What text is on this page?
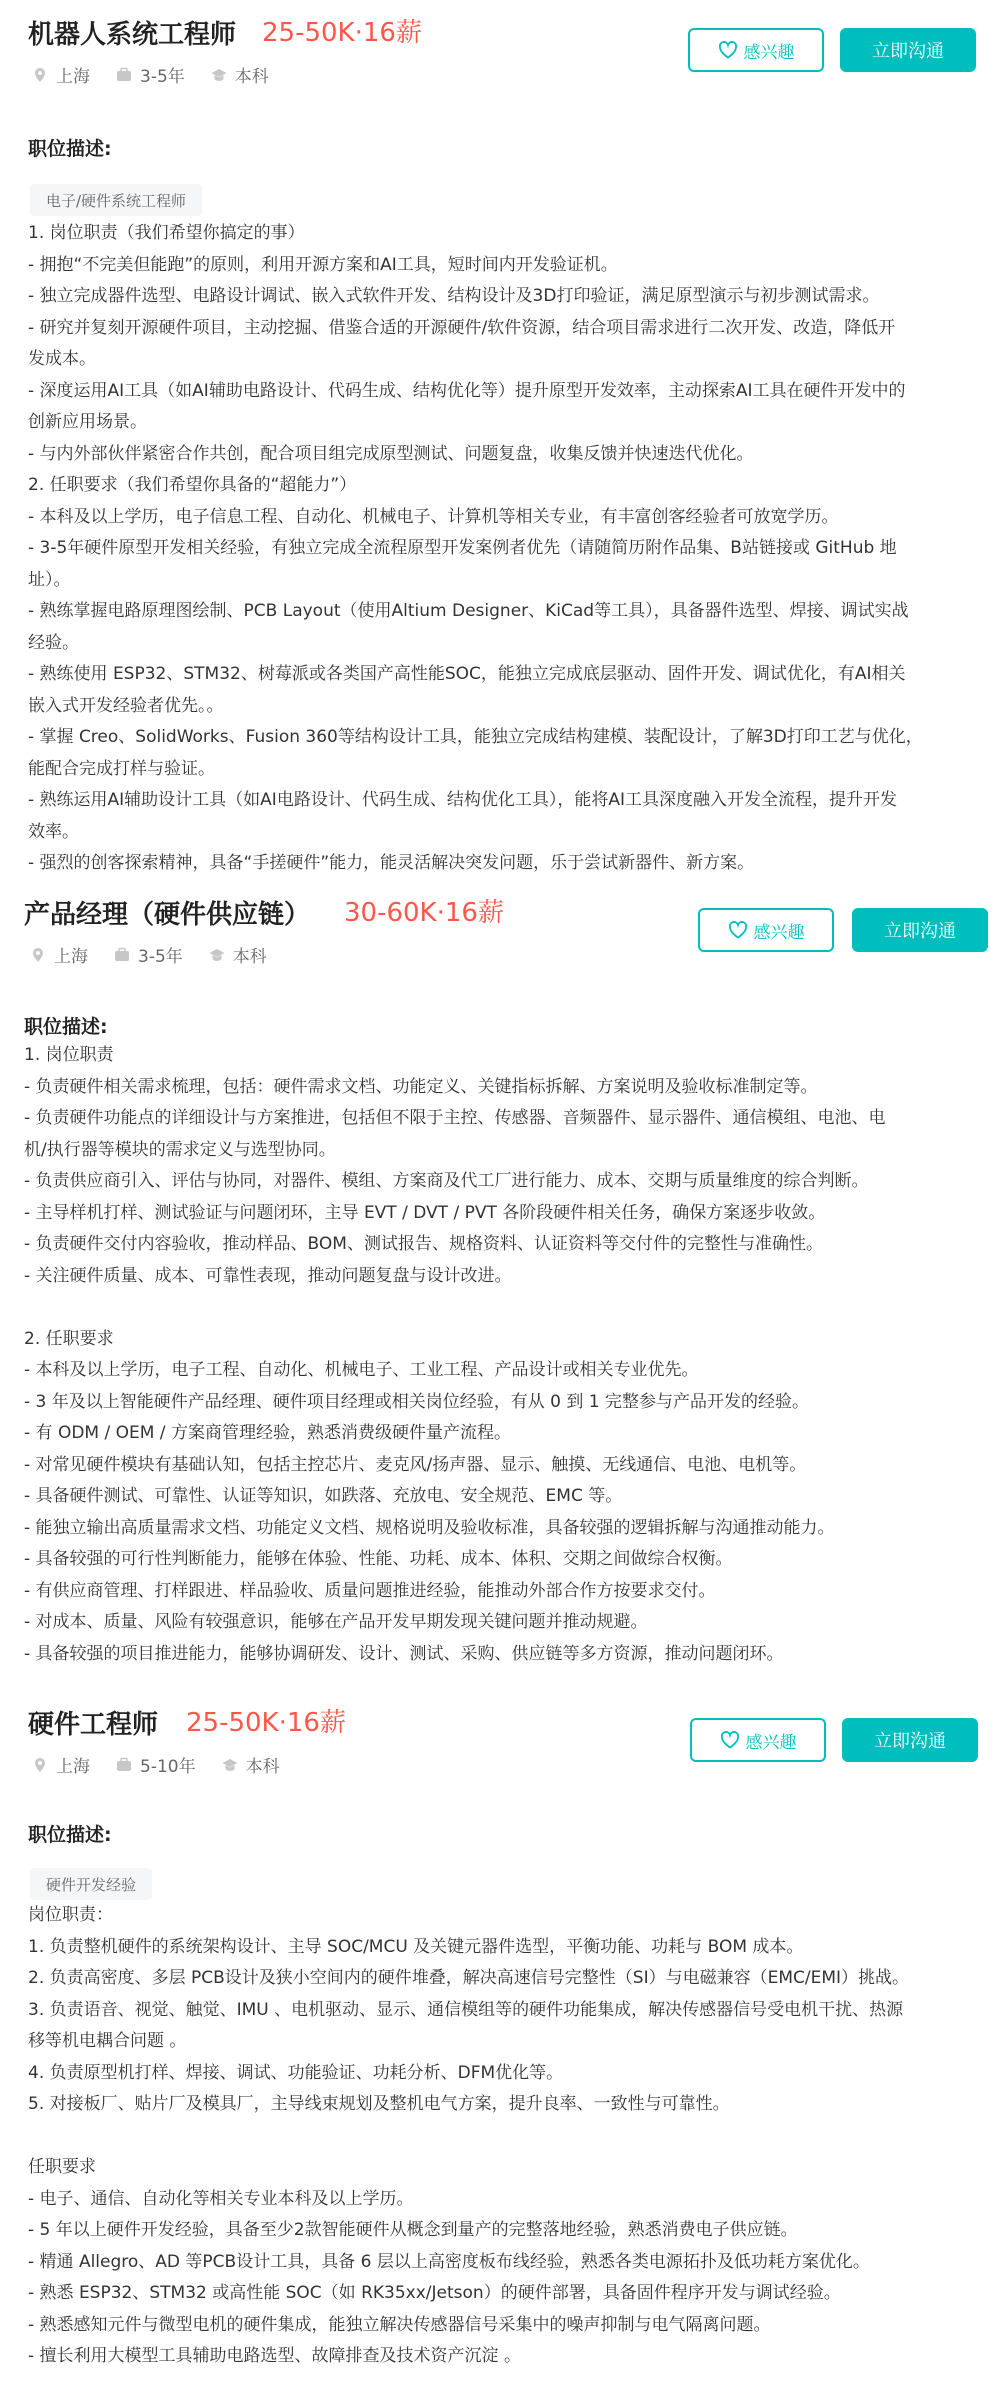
机器人系统工程师 25-50K·16薪
上海	3-5年	本科
感兴趣	立即沟通
职位描述:
电子/硬件系统工程师
1. 岗位职责（我们希望你搞定的事）
- 拥抱“不完美但能跑”的原则，利用开源方案和AI工具，短时间内开发验证机。
- 独立完成器件选型、电路设计调试、嵌入式软件开发、结构设计及3D打印验证，满足原型演示与初步测试需求。
- 研究并复刻开源硬件项目，主动挖掘、借鉴合适的开源硬件/软件资源，结合项目需求进行二次开发、改造，降低开
发成本。
- 深度运用AI工具（如AI辅助电路设计、代码生成、结构优化等）提升原型开发效率，主动探索AI工具在硬件开发中的
创新应用场景。
- 与内外部伙伴紧密合作共创，配合项目组完成原型测试、问题复盘，收集反馈并快速迭代优化。
2. 任职要求（我们希望你具备的“超能力”）
- 本科及以上学历，电子信息工程、自动化、机械电子、计算机等相关专业，有丰富创客经验者可放宽学历。
- 3-5年硬件原型开发相关经验，有独立完成全流程原型开发案例者优先（请随简历附作品集、B站链接或 GitHub 地
址）。
- 熟练掌握电路原理图绘制、PCB Layout（使用Altium Designer、KiCad等工具），具备器件选型、焊接、调试实战
经验。
- 熟练使用 ESP32、STM32、树莓派或各类国产高性能SOC，能独立完成底层驱动、固件开发、调试优化，有AI相关
嵌入式开发经验者优先。。
- 掌握 Creo、SolidWorks、Fusion 360等结构设计工具，能独立完成结构建模、装配设计，了解3D打印工艺与优化，
能配合完成打样与验证。
- 熟练运用AI辅助设计工具（如AI电路设计、代码生成、结构优化工具），能将AI工具深度融入开发全流程，提升开发
效率。
- 强烈的创客探索精神，具备“手搓硬件”能力，能灵活解决突发问题，乐于尝试新器件、新方案。
产品经理（硬件供应链） 30-60K·16薪
上海	3-5年	本科
感兴趣	立即沟通
职位描述:
1. 岗位职责
- 负责硬件相关需求梳理，包括：硬件需求文档、功能定义、关键指标拆解、方案说明及验收标准制定等。
- 负责硬件功能点的详细设计与方案推进，包括但不限于主控、传感器、音频器件、显示器件、通信模组、电池、电
机/执行器等模块的需求定义与选型协同。
- 负责供应商引入、评估与协同，对器件、模组、方案商及代工厂进行能力、成本、交期与质量维度的综合判断。
- 主导样机打样、测试验证与问题闭环，主导 EVT / DVT / PVT 各阶段硬件相关任务，确保方案逐步收敛。
- 负责硬件交付内容验收，推动样品、BOM、测试报告、规格资料、认证资料等交付件的完整性与准确性。
- 关注硬件质量、成本、可靠性表现，推动问题复盘与设计改进。
2. 任职要求
- 本科及以上学历，电子工程、自动化、机械电子、工业工程、产品设计或相关专业优先。
- 3 年及以上智能硬件产品经理、硬件项目经理或相关岗位经验，有从 0 到 1 完整参与产品开发的经验。
- 有 ODM / OEM / 方案商管理经验，熟悉消费级硬件量产流程。
- 对常见硬件模块有基础认知，包括主控芯片、麦克风/扬声器、显示、触摸、无线通信、电池、电机等。
- 具备硬件测试、可靠性、认证等知识，如跌落、充放电、安全规范、EMC 等。
- 能独立输出高质量需求文档、功能定义文档、规格说明及验收标准，具备较强的逻辑拆解与沟通推动能力。
- 具备较强的可行性判断能力，能够在体验、性能、功耗、成本、体积、交期之间做综合权衡。
- 有供应商管理、打样跟进、样品验收、质量问题推进经验，能推动外部合作方按要求交付。
- 对成本、质量、风险有较强意识，能够在产品开发早期发现关键问题并推动规避。
- 具备较强的项目推进能力，能够协调研发、设计、测试、采购、供应链等多方资源，推动问题闭环。
硬件工程师 25-50K·16薪
上海	5-10年	本科
感兴趣	立即沟通
职位描述:
硬件开发经验
岗位职责：
1. 负责整机硬件的系统架构设计、主导 SOC/MCU 及关键元器件选型，平衡功能、功耗与 BOM 成本。
2. 负责高密度、多层 PCB设计及狭小空间内的硬件堆叠，解决高速信号完整性（SI）与电磁兼容（EMC/EMI）挑战。
3. 负责语音、视觉、触觉、IMU 、电机驱动、显示、通信模组等的硬件功能集成，解决传感器信号受电机干扰、热源
移等机电耦合问题 。
4. 负责原型机打样、焊接、调试、功能验证、功耗分析、DFM优化等。
5. 对接板厂、贴片厂及模具厂，主导线束规划及整机电气方案，提升良率、一致性与可靠性。
任职要求
- 电子、通信、自动化等相关专业本科及以上学历。
- 5 年以上硬件开发经验，具备至少2款智能硬件从概念到量产的完整落地经验，熟悉消费电子供应链。
- 精通 Allegro、AD 等PCB设计工具，具备 6 层以上高密度板布线经验，熟悉各类电源拓扑及低功耗方案优化。
- 熟悉 ESP32、STM32 或高性能 SOC（如 RK35xx/Jetson）的硬件部署，具备固件程序开发与调试经验。
- 熟悉感知元件与微型电机的硬件集成，能独立解决传感器信号采集中的噪声抑制与电气隔离问题。
- 擅长利用大模型工具辅助电路选型、故障排查及技术资产沉淀 。
